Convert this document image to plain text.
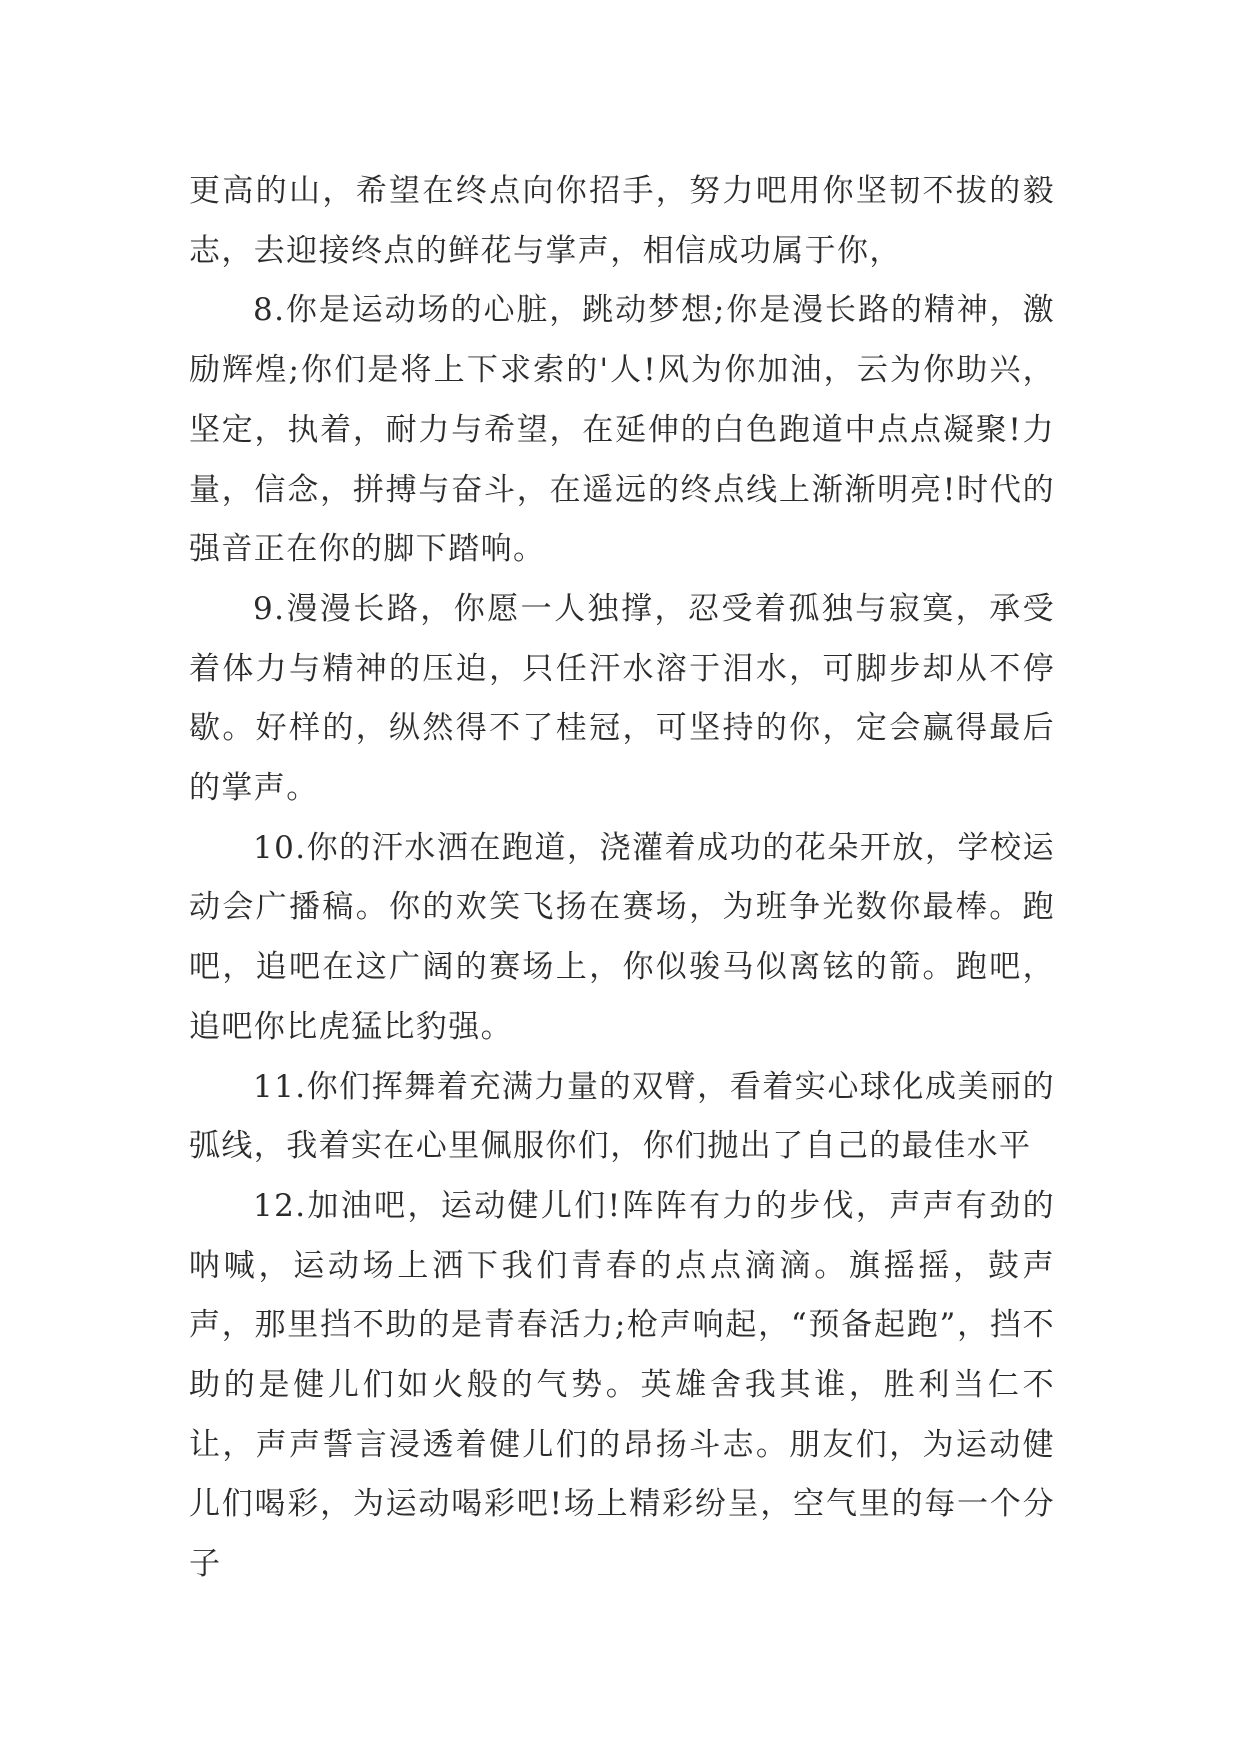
更高的山，希望在终点向你招手，努力吧用你坚韧不拔的毅志，去迎接终点的鲜花与掌声，相信成功属于你，

8.你是运动场的心脏，跳动梦想;你是漫长路的精神，激励辉煌;你们是将上下求索的'人!风为你加油，云为你助兴，坚定，执着，耐力与希望，在延伸的白色跑道中点点凝聚!力量，信念，拼搏与奋斗，在遥远的终点线上渐渐明亮!时代的强音正在你的脚下踏响。

9.漫漫长路，你愿一人独撑，忍受着孤独与寂寞，承受着体力与精神的压迫，只任汗水溶于泪水，可脚步却从不停歇。好样的，纵然得不了桂冠，可坚持的你，定会赢得最后的掌声。

10.你的汗水洒在跑道，浇灌着成功的花朵开放，学校运动会广播稿。你的欢笑飞扬在赛场，为班争光数你最棒。跑吧，追吧在这广阔的赛场上，你似骏马似离铉的箭。跑吧，追吧你比虎猛比豹强。

11.你们挥舞着充满力量的双臂，看着实心球化成美丽的弧线，我着实在心里佩服你们，你们抛出了自己的最佳水平

12.加油吧，运动健儿们!阵阵有力的步伐，声声有劲的呐喊，运动场上洒下我们青春的点点滴滴。旗摇摇，鼓声声，那里挡不助的是青春活力;枪声响起，“预备起跑”，挡不助的是健儿们如火般的气势。英雄舍我其谁，胜利当仁不让，声声誓言浸透着健儿们的昂扬斗志。朋友们，为运动健儿们喝彩，为运动喝彩吧!场上精彩纷呈，空气里的每一个分子
